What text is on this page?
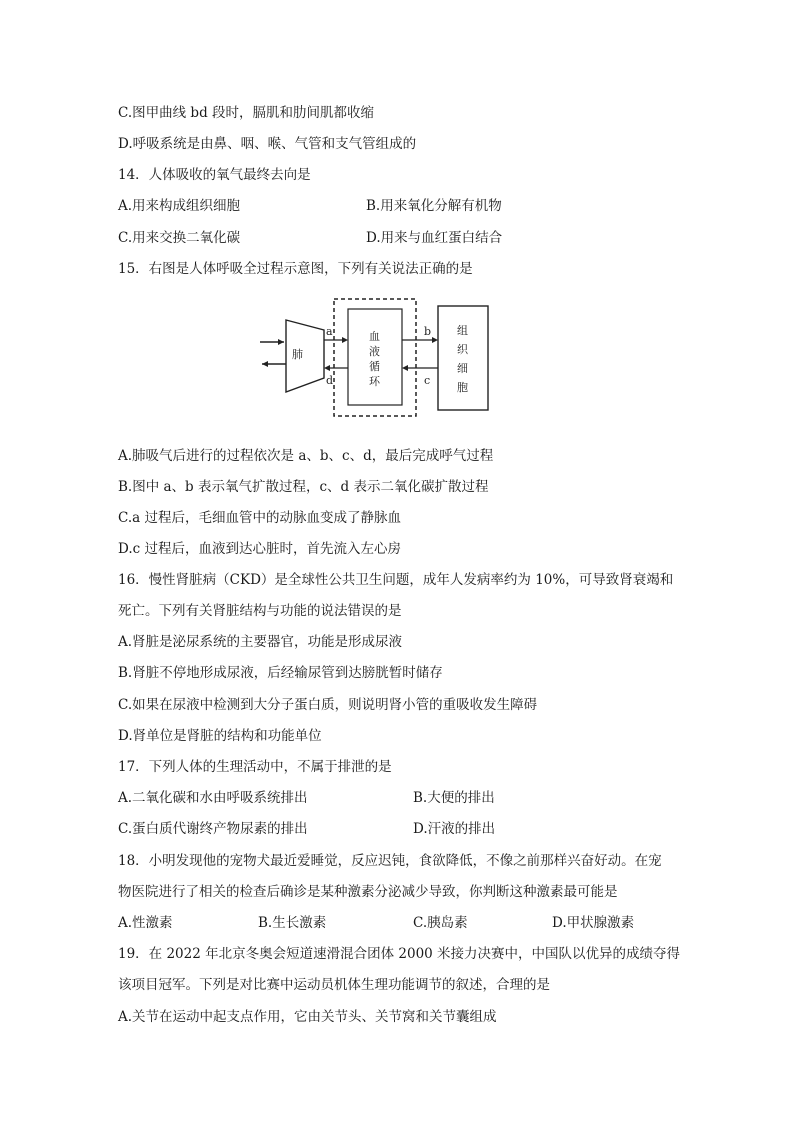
C.图甲曲线 bd 段时，膈肌和肋间肌都收缩
D.呼吸系统是由鼻、咽、喉、气管和支气管组成的
14．人体吸收的氧气最终去向是
A.用来构成组织细胞	B.用来氧化分解有机物
C.用来交换二氧化碳	D.用来与血红蛋白结合
15．右图是人体呼吸全过程示意图，下列有关说法正确的是
肺
血
液
循
环
组
织
细
胞
a
d
b
c
A.肺吸气后进行的过程依次是 a、b、c、d，最后完成呼气过程
B.图中 a、b 表示氧气扩散过程，c、d 表示二氧化碳扩散过程
C.a 过程后，毛细血管中的动脉血变成了静脉血
D.c 过程后，血液到达心脏时，首先流入左心房
16．慢性肾脏病（CKD）是全球性公共卫生问题，成年人发病率约为 10%，可导致肾衰竭和
死亡。下列有关肾脏结构与功能的说法错误的是
A.肾脏是泌尿系统的主要器官，功能是形成尿液
B.肾脏不停地形成尿液，后经输尿管到达膀胱暂时储存
C.如果在尿液中检测到大分子蛋白质，则说明肾小管的重吸收发生障碍
D.肾单位是肾脏的结构和功能单位
17．下列人体的生理活动中，不属于排泄的是
A.二氧化碳和水由呼吸系统排出	B.大便的排出
C.蛋白质代谢终产物尿素的排出	D.汗液的排出
18．小明发现他的宠物犬最近爱睡觉，反应迟钝，食欲降低，不像之前那样兴奋好动。在宠
物医院进行了相关的检查后确诊是某种激素分泌减少导致，你判断这种激素最可能是
A.性激素	B.生长激素	C.胰岛素	D.甲状腺激素
19．在 2022 年北京冬奥会短道速滑混合团体 2000 米接力决赛中，中国队以优异的成绩夺得
该项目冠军。下列是对比赛中运动员机体生理功能调节的叙述，合理的是
A.关节在运动中起支点作用，它由关节头、关节窝和关节囊组成
